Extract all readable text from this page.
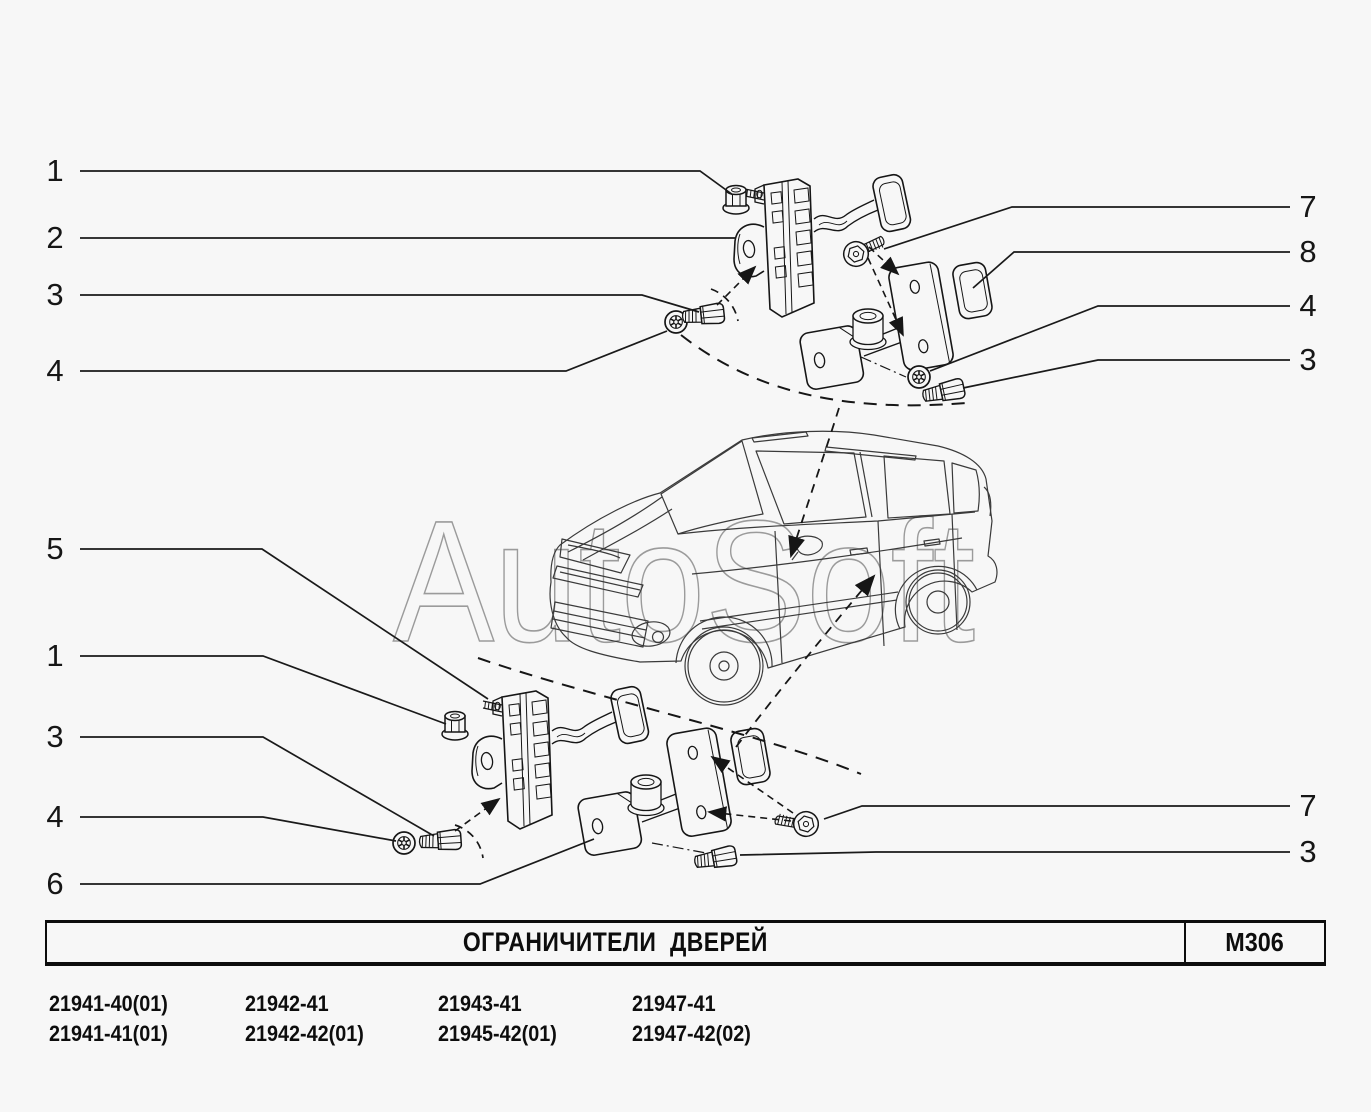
AutoSoft
1
2
3
4
5
1
3
4
6
7
8
4
3
7
3
ОГРАНИЧИТЕЛИ  ДВЕРЕЙ	M306
21941-40(01)
21941-41(01)
21942-41
21942-42(01)
21943-41
21945-42(01)
21947-41
21947-42(02)
